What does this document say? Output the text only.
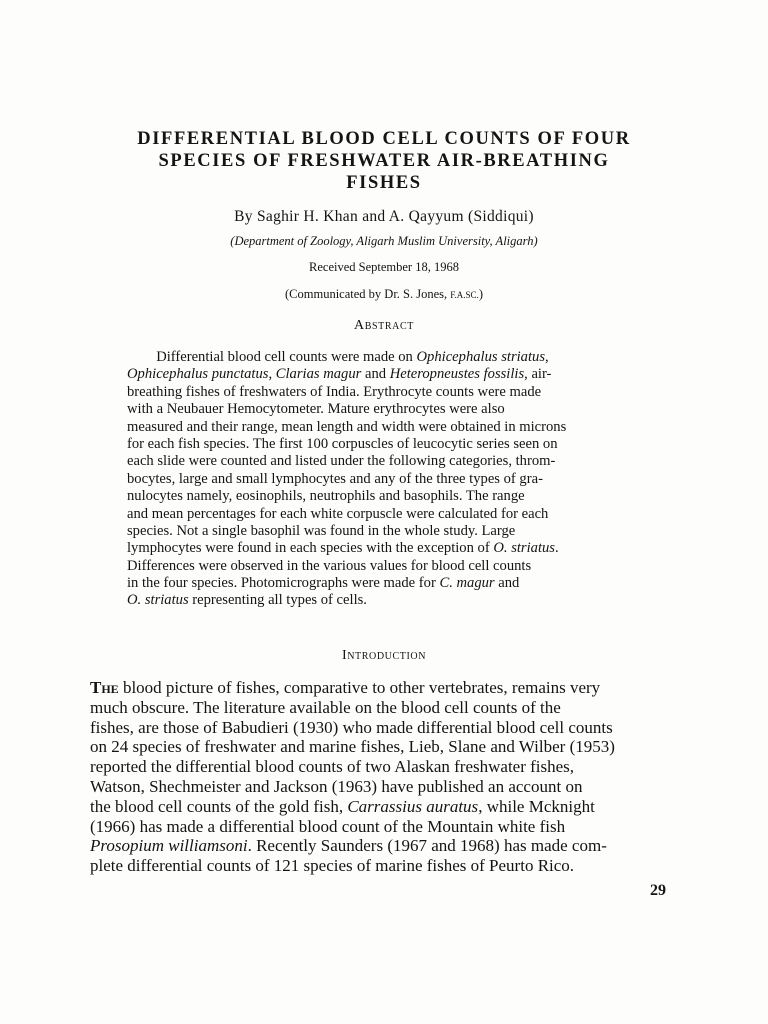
DIFFERENTIAL BLOOD CELL COUNTS OF FOUR
SPECIES OF FRESHWATER AIR-BREATHING
FISHES
By Saghir H. Khan and A. Qayyum (Siddiqui)
(Department of Zoology, Aligarh Muslim University, Aligarh)
Received September 18, 1968
(Communicated by Dr. S. Jones, F.A.SC.)
Abstract
  Differential blood cell counts were made on Ophicephalus striatus,
Ophicephalus punctatus, Clarias magur and Heteropneustes fossilis, air-
breathing fishes of freshwaters of India. Erythrocyte counts were made
with a Neubauer Hemocytometer. Mature erythrocytes were also
measured and their range, mean length and width were obtained in microns
for each fish species. The first 100 corpuscles of leucocytic series seen on
each slide were counted and listed under the following categories, throm-
bocytes, large and small lymphocytes and any of the three types of gra-
nulocytes namely, eosinophils, neutrophils and basophils. The range
and mean percentages for each white corpuscle were calculated for each
species. Not a single basophil was found in the whole study. Large
lymphocytes were found in each species with the exception of O. striatus.
Differences were observed in the various values for blood cell counts
in the four species. Photomicrographs were made for C. magur and
O. striatus representing all types of cells.
Introduction
The blood picture of fishes, comparative to other vertebrates, remains very
much obscure. The literature available on the blood cell counts of the
fishes, are those of Babudieri (1930) who made differential blood cell counts
on 24 species of freshwater and marine fishes, Lieb, Slane and Wilber (1953)
reported the differential blood counts of two Alaskan freshwater fishes,
Watson, Shechmeister and Jackson (1963) have published an account on
the blood cell counts of the gold fish, Carrassius auratus, while Mcknight
(1966) has made a differential blood count of the Mountain white fish
Prosopium williamsoni. Recently Saunders (1967 and 1968) has made com-
plete differential counts of 121 species of marine fishes of Peurto Rico.
29
